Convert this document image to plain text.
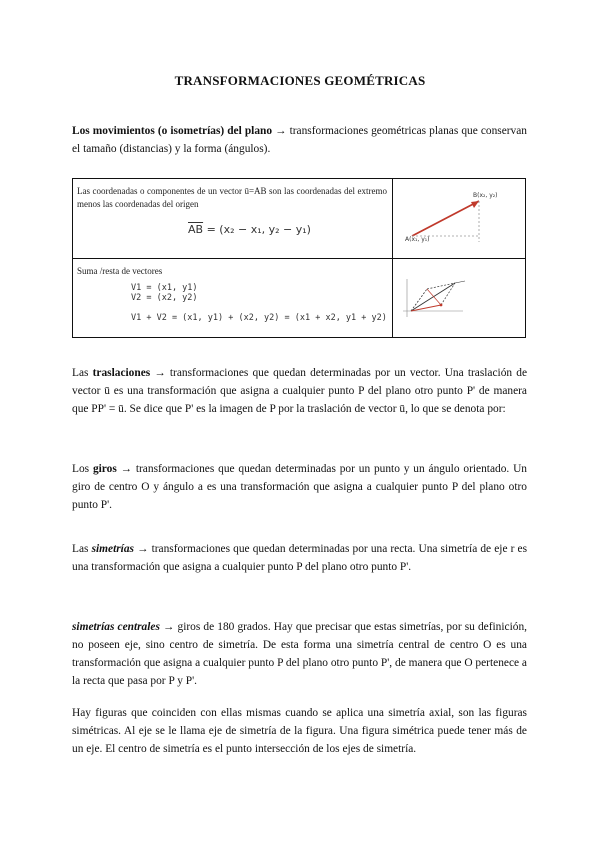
TRANSFORMACIONES GEOMÉTRICAS

Los movimientos (o isometrías) del plano → transformaciones geométricas planas que conservan el tamaño (distancias) y la forma (ángulos).

Las coordenadas o componentes de un vector ū=AB son las coordenadas del extremo menos las coordenadas del origen
$\overline{AB} = (x_2 - x_1$, y₂ − y₁)
B(x₂, y₂)
A(x₁, y₁)
Suma /resta de vectores
V1 = (x1, y1)
V2 = (x2, y2)
V1 + V2 = (x1, y1) + (x2, y2) = (x1 + x2, y1 + y2)

Las traslaciones → transformaciones que quedan determinadas por un vector. Una traslación de vector ū es una transformación que asigna a cualquier punto P del plano otro punto P' de manera que PP' = ū. Se dice que P' es la imagen de P por la traslación de vector ū, lo que se denota por:

Los giros → transformaciones que quedan determinadas por un punto y un ángulo orientado. Un giro de centro O y ángulo a es una transformación que asigna a cualquier punto P del plano otro punto P'.

Las simetrías → transformaciones que quedan determinadas por una recta. Una simetría de eje r es una transformación que asigna a cualquier punto P del plano otro punto P'.

simetrías centrales → giros de 180 grados. Hay que precisar que estas simetrías, por su definición, no poseen eje, sino centro de simetría. De esta forma una simetría central de centro O es una transformación que asigna a cualquier punto P del plano otro punto P', de manera que O pertenece a la recta que pasa por P y P'.

Hay figuras que coinciden con ellas mismas cuando se aplica una simetría axial, son las figuras simétricas. Al eje se le llama eje de simetría de la figura. Una figura simétrica puede tener más de un eje. El centro de simetría es el punto intersección de los ejes de simetría.
